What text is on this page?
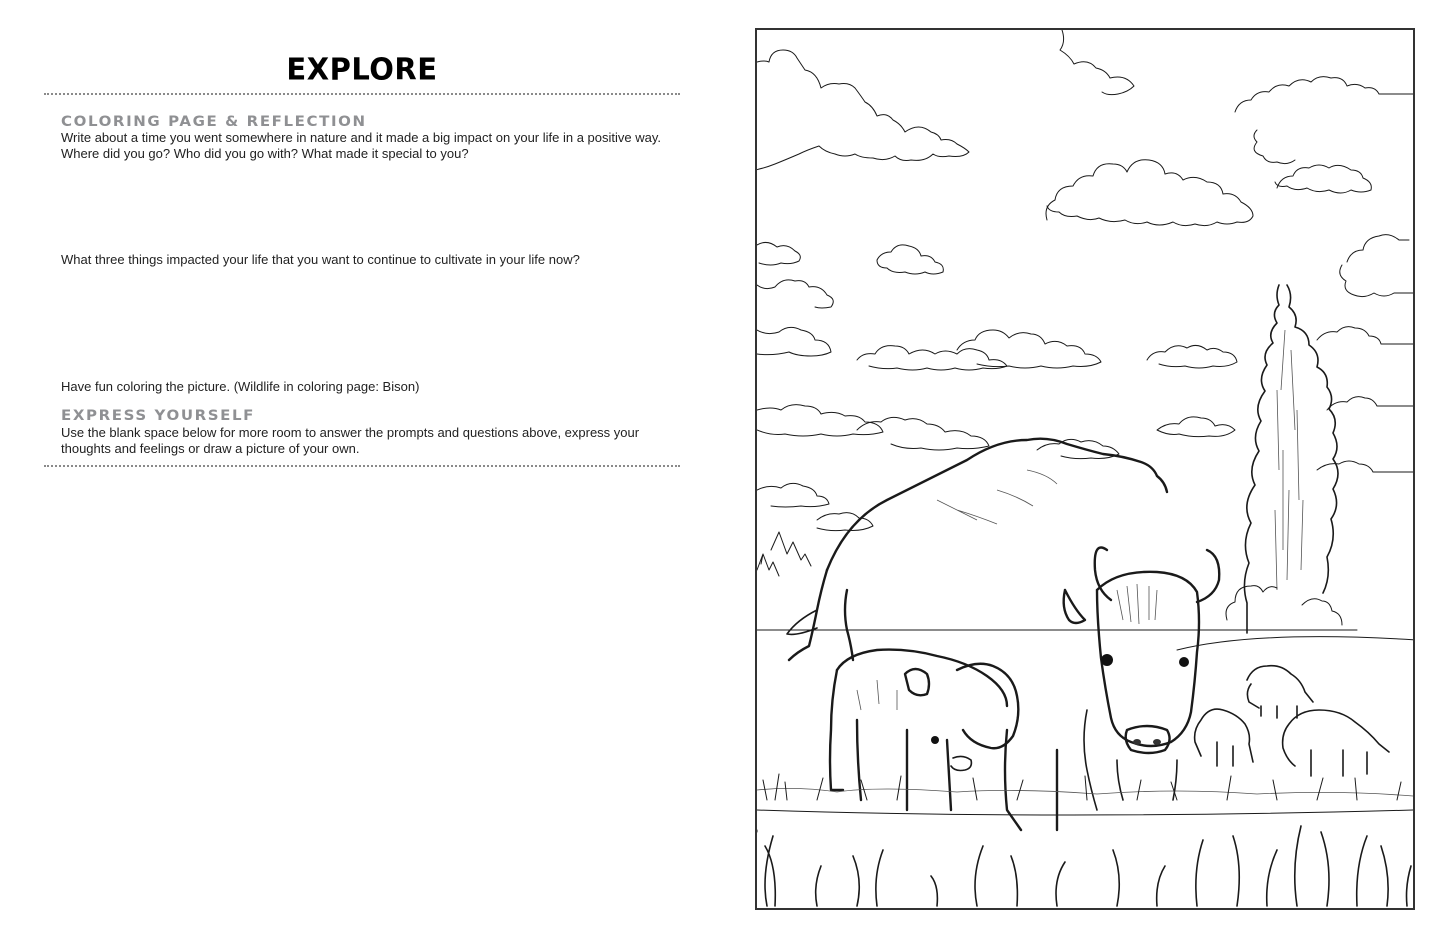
EXPLORE
COLORING PAGE & REFLECTION
Write about a time you went somewhere in nature and it made a big impact on your life in a positive way. Where did you go? Who did you go with? What made it special to you?
What three things impacted your life that you want to continue to cultivate in your life now?
Have fun coloring the picture. (Wildlife in coloring page: Bison)
EXPRESS YOURSELF
Use the blank space below for more room to answer the prompts and questions above, express your thoughts and feelings or draw a picture of your own.
